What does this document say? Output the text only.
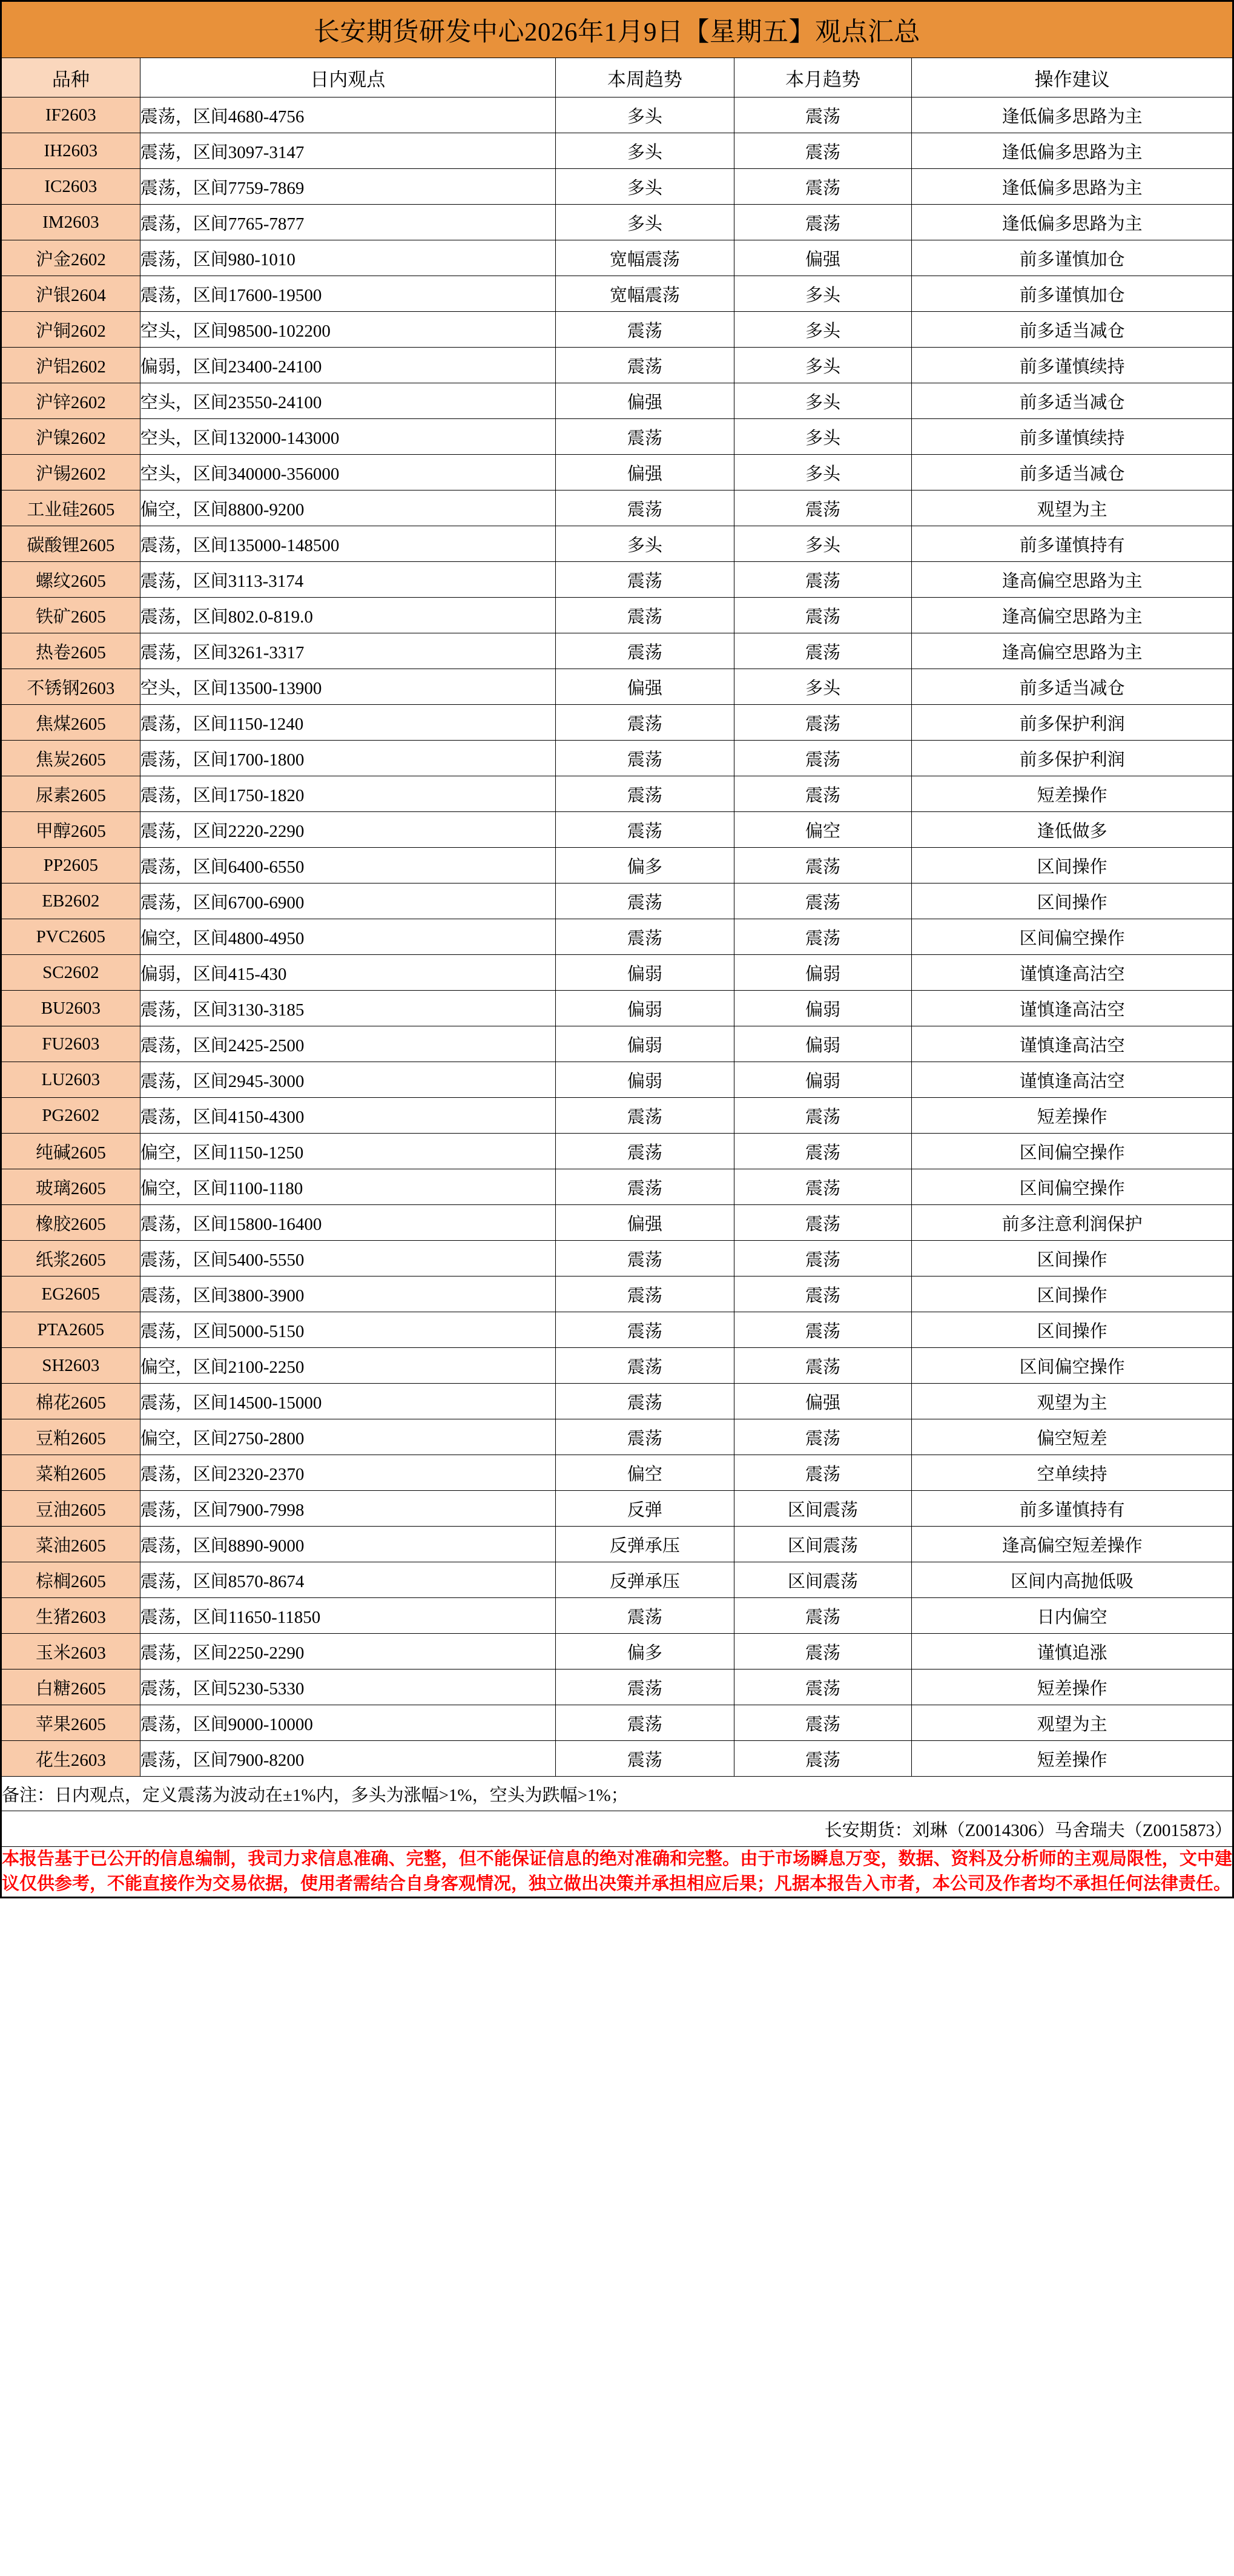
长安期货研发中心2026年1月9日【星期五】观点汇总				
品种	日内观点	本周趋势	本月趋势	操作建议
IF2603	震荡，区间4680-4756	多头	震荡	逢低偏多思路为主
IH2603	震荡，区间3097-3147	多头	震荡	逢低偏多思路为主
IC2603	震荡，区间7759-7869	多头	震荡	逢低偏多思路为主
IM2603	震荡，区间7765-7877	多头	震荡	逢低偏多思路为主
沪金2602	震荡，区间980-1010	宽幅震荡	偏强	前多谨慎加仓
沪银2604	震荡，区间17600-19500	宽幅震荡	多头	前多谨慎加仓
沪铜2602	空头，区间98500-102200	震荡	多头	前多适当减仓
沪铝2602	偏弱，区间23400-24100	震荡	多头	前多谨慎续持
沪锌2602	空头，区间23550-24100	偏强	多头	前多适当减仓
沪镍2602	空头，区间132000-143000	震荡	多头	前多谨慎续持
沪锡2602	空头，区间340000-356000	偏强	多头	前多适当减仓
工业硅2605	偏空，区间8800-9200	震荡	震荡	观望为主
碳酸锂2605	震荡，区间135000-148500	多头	多头	前多谨慎持有
螺纹2605	震荡，区间3113-3174	震荡	震荡	逢高偏空思路为主
铁矿2605	震荡，区间802.0-819.0	震荡	震荡	逢高偏空思路为主
热卷2605	震荡，区间3261-3317	震荡	震荡	逢高偏空思路为主
不锈钢2603	空头，区间13500-13900	偏强	多头	前多适当减仓
焦煤2605	震荡，区间1150-1240	震荡	震荡	前多保护利润
焦炭2605	震荡，区间1700-1800	震荡	震荡	前多保护利润
尿素2605	震荡，区间1750-1820	震荡	震荡	短差操作
甲醇2605	震荡，区间2220-2290	震荡	偏空	逢低做多
PP2605	震荡，区间6400-6550	偏多	震荡	区间操作
EB2602	震荡，区间6700-6900	震荡	震荡	区间操作
PVC2605	偏空，区间4800-4950	震荡	震荡	区间偏空操作
SC2602	偏弱，区间415-430	偏弱	偏弱	谨慎逢高沽空
BU2603	震荡，区间3130-3185	偏弱	偏弱	谨慎逢高沽空
FU2603	震荡，区间2425-2500	偏弱	偏弱	谨慎逢高沽空
LU2603	震荡，区间2945-3000	偏弱	偏弱	谨慎逢高沽空
PG2602	震荡，区间4150-4300	震荡	震荡	短差操作
纯碱2605	偏空，区间1150-1250	震荡	震荡	区间偏空操作
玻璃2605	偏空，区间1100-1180	震荡	震荡	区间偏空操作
橡胶2605	震荡，区间15800-16400	偏强	震荡	前多注意利润保护
纸浆2605	震荡，区间5400-5550	震荡	震荡	区间操作
EG2605	震荡，区间3800-3900	震荡	震荡	区间操作
PTA2605	震荡，区间5000-5150	震荡	震荡	区间操作
SH2603	偏空，区间2100-2250	震荡	震荡	区间偏空操作
棉花2605	震荡，区间14500-15000	震荡	偏强	观望为主
豆粕2605	偏空，区间2750-2800	震荡	震荡	偏空短差
菜粕2605	震荡，区间2320-2370	偏空	震荡	空单续持
豆油2605	震荡，区间7900-7998	反弹	区间震荡	前多谨慎持有
菜油2605	震荡，区间8890-9000	反弹承压	区间震荡	逢高偏空短差操作
棕榈2605	震荡，区间8570-8674	反弹承压	区间震荡	区间内高抛低吸
生猪2603	震荡，区间11650-11850	震荡	震荡	日内偏空
玉米2603	震荡，区间2250-2290	偏多	震荡	谨慎追涨
白糖2605	震荡，区间5230-5330	震荡	震荡	短差操作
苹果2605	震荡，区间9000-10000	震荡	震荡	观望为主
花生2603	震荡，区间7900-8200	震荡	震荡	短差操作
备注：日内观点，定义震荡为波动在±1%内，多头为涨幅>1%，空头为跌幅>1%；				
长安期货：刘琳（Z0014306）马舍瑞夫（Z0015873）				

本报告基于已公开的信息编制，我司力求信息准确、完整，但不能保证信息的绝对准确和完整。由于市场瞬息万变，数据、资料及分析师的主观局限性，文中建议仅供参考，不能直接作为交易依据，使用者需结合自身客观情况，独立做出决策并承担相应后果；凡据本报告入市者，本公司及作者均不承担任何法律责任。				
